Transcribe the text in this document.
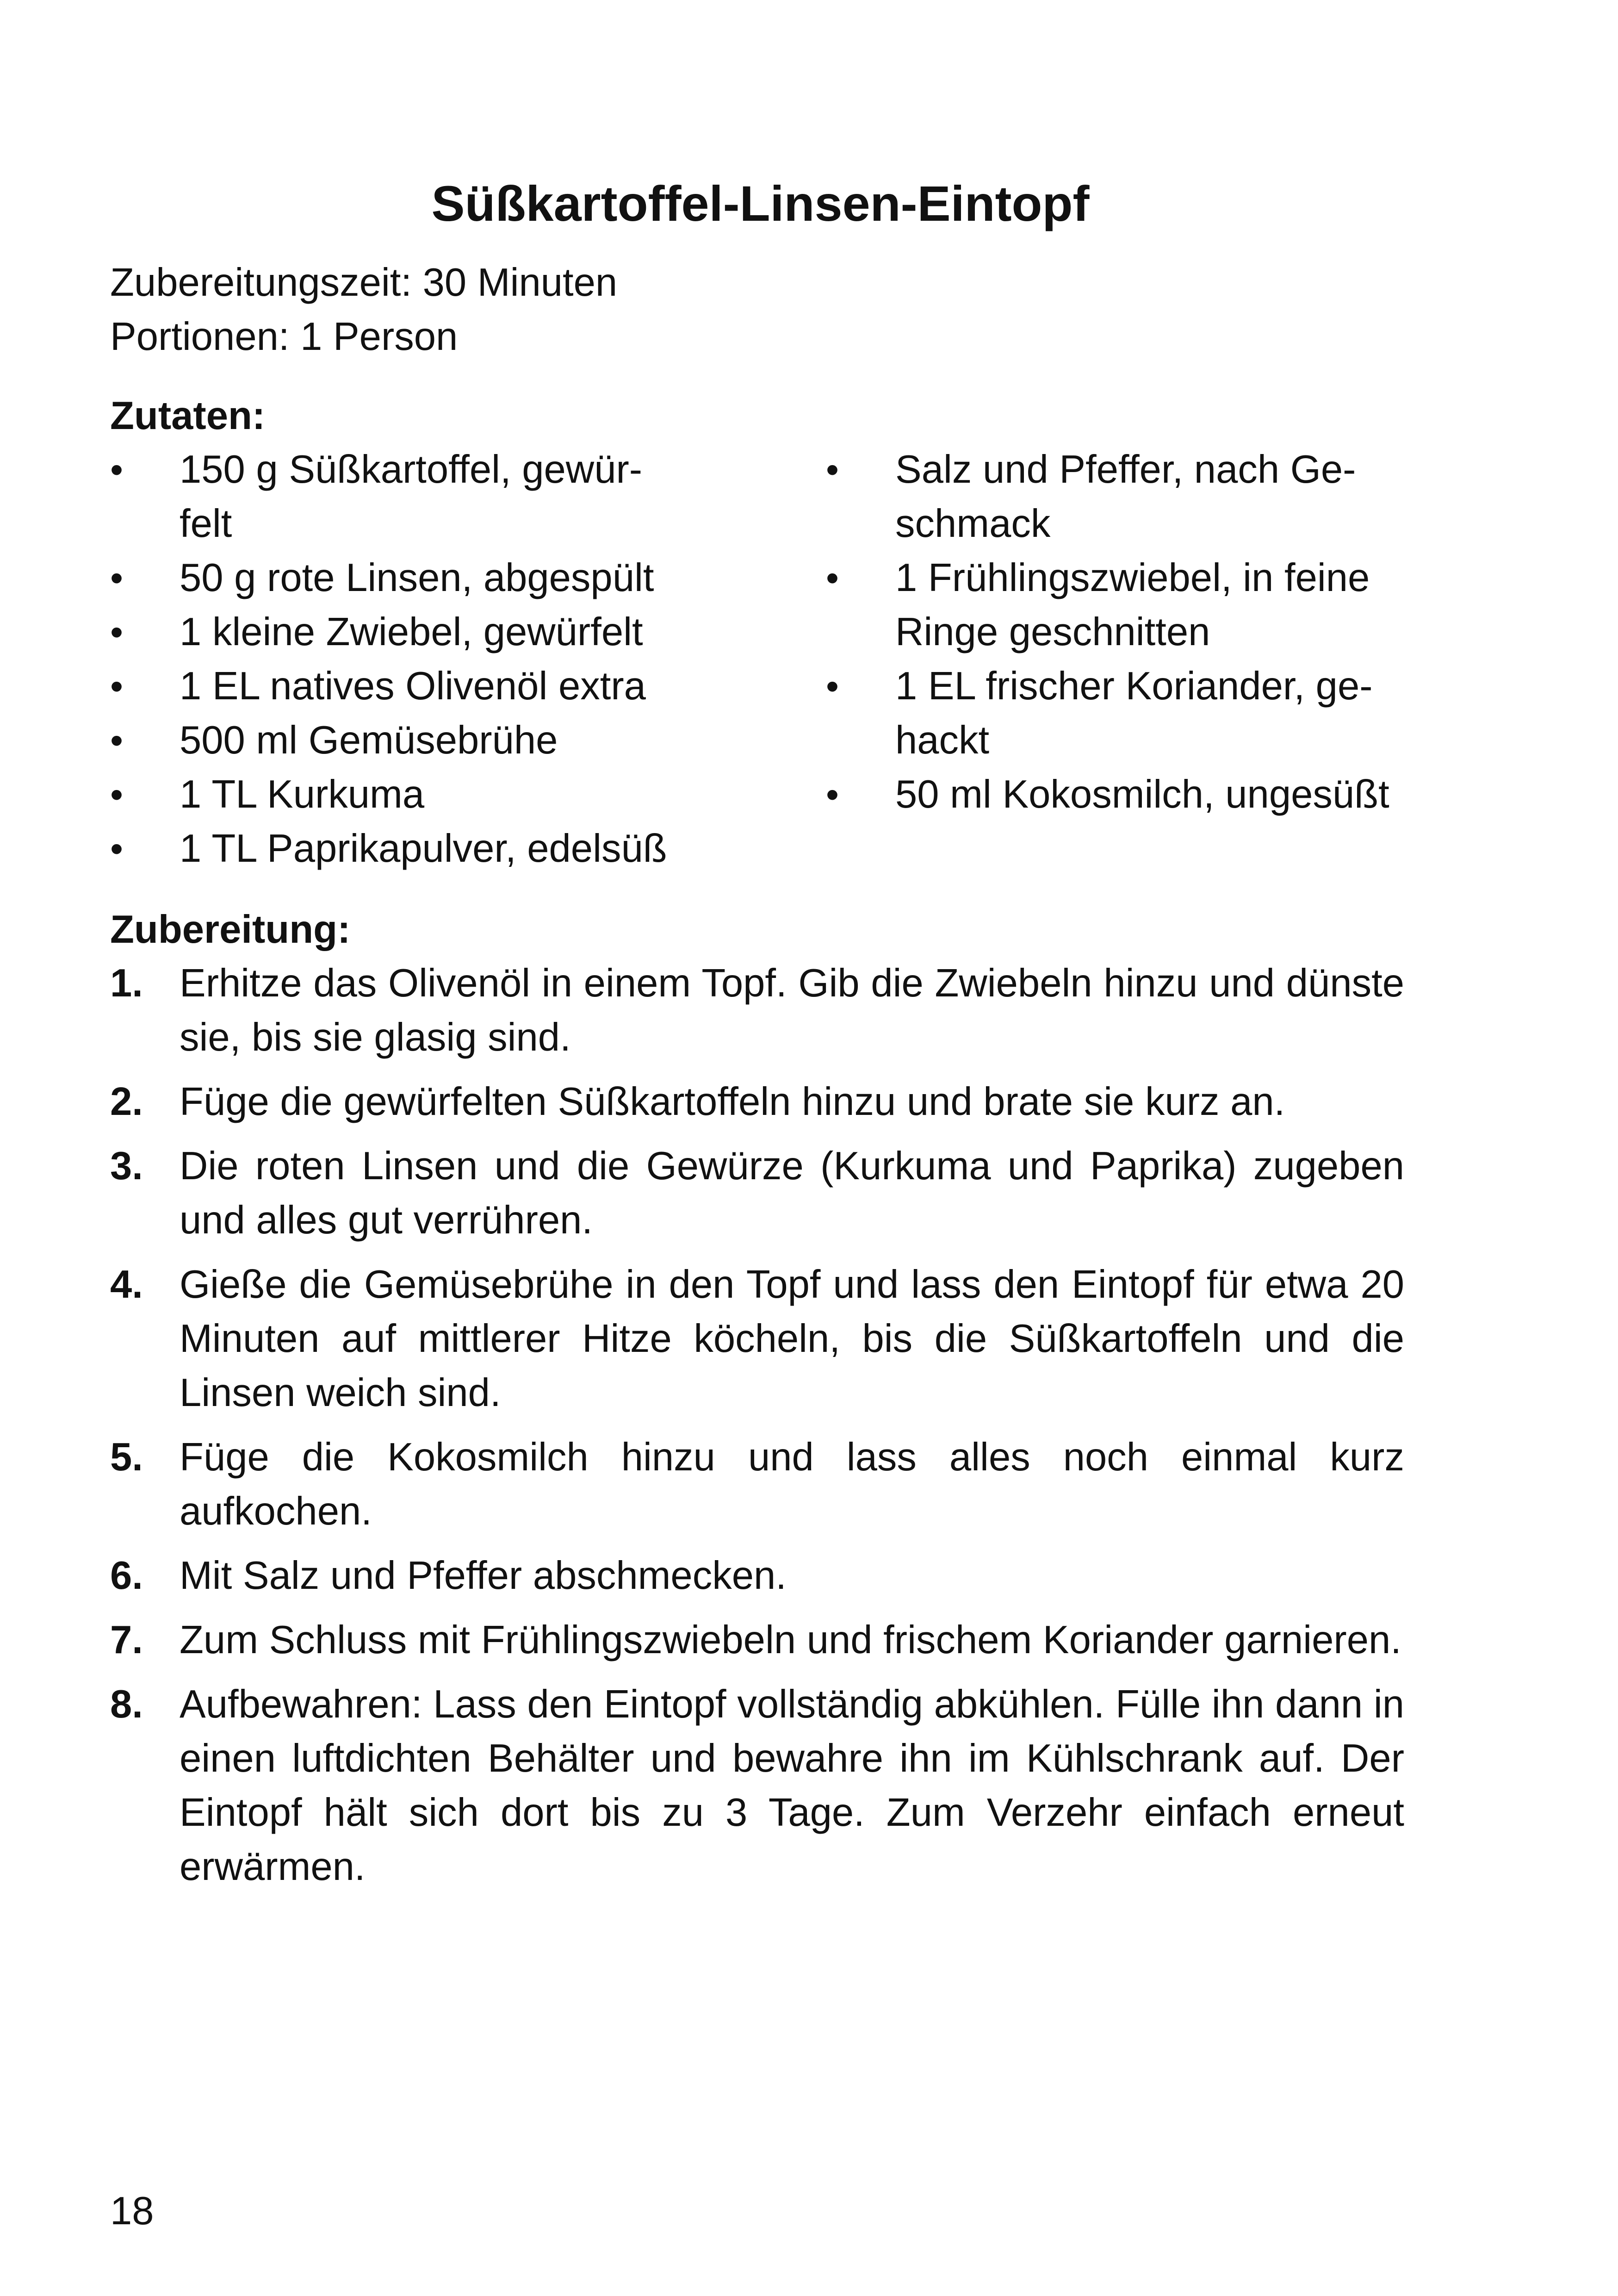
Süßkartoffel-Linsen-Eintopf
Zubereitungszeit: 30 Minuten
Portionen: 1 Person
Zutaten:
• 150 g Süßkartoffel, gewür-
felt
• 50 g rote Linsen, abgespült
• 1 kleine Zwiebel, gewürfelt
• 1 EL natives Olivenöl extra
• 500 ml Gemüsebrühe
• 1 TL Kurkuma
• 1 TL Paprikapulver, edelsüß
• Salz und Pfeffer, nach Ge-
schmack
• 1 Frühlingszwiebel, in feine
Ringe geschnitten
• 1 EL frischer Koriander, ge-
hackt
• 50 ml Kokosmilch, ungesüßt
Zubereitung:
1. Erhitze das Olivenöl in einem Topf. Gib die Zwiebeln hinzu und dünste sie, bis sie glasig sind.
2. Füge die gewürfelten Süßkartoffeln hinzu und brate sie kurz an.
3. Die roten Linsen und die Gewürze (Kurkuma und Paprika) zugeben und alles gut verrühren.
4. Gieße die Gemüsebrühe in den Topf und lass den Eintopf für etwa 20 Minuten auf mittlerer Hitze köcheln, bis die Süßkartoffeln und die Linsen weich sind.
5. Füge die Kokosmilch hinzu und lass alles noch einmal kurz aufkochen.
6. Mit Salz und Pfeffer abschmecken.
7. Zum Schluss mit Frühlingszwiebeln und frischem Koriander garnieren.
8. Aufbewahren: Lass den Eintopf vollständig abkühlen. Fülle ihn dann in einen luftdichten Behälter und bewahre ihn im Kühlschrank auf. Der Eintopf hält sich dort bis zu 3 Tage. Zum Verzehr einfach erneut erwärmen.
18
